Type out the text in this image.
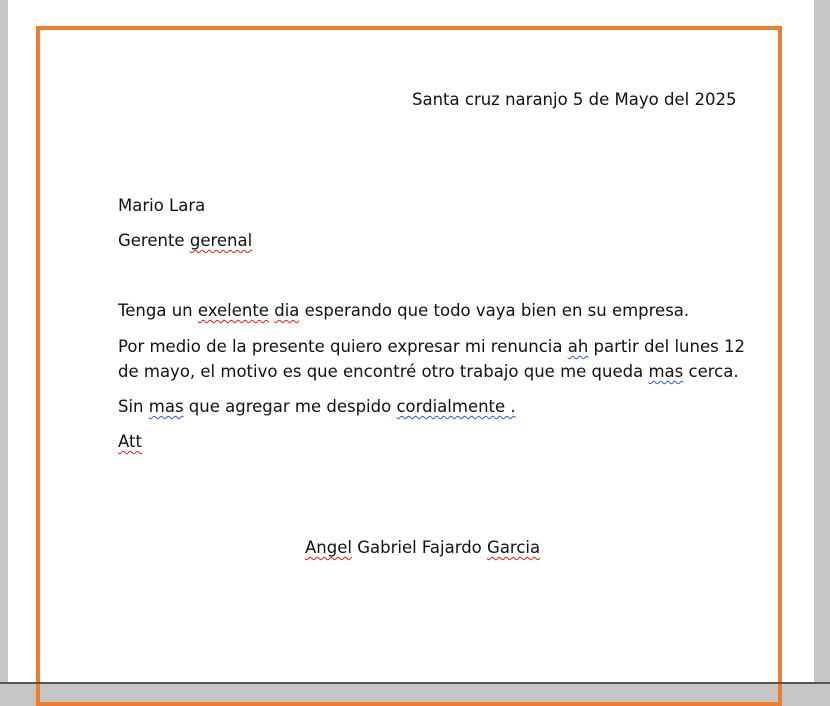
Santa cruz naranjo 5 de Mayo del 2025
Mario Lara
Gerente gerenal
Tenga un exelente dia esperando que todo vaya bien en su empresa.
Por medio de la presente quiero expresar mi renuncia ah partir del lunes 12
de mayo, el motivo es que encontré otro trabajo que me queda mas cerca.
Sin mas que agregar me despido cordialmente .
Att
Angel Gabriel Fajardo Garcia
